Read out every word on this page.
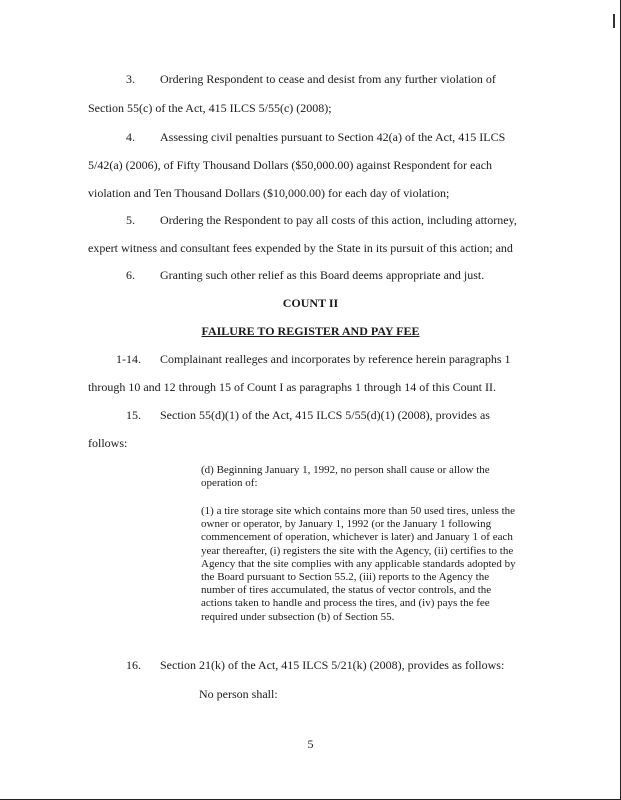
3. Ordering Respondent to cease and desist from any further violation of
Section 55(c) of the Act, 415 ILCS 5/55(c) (2008);
4. Assessing civil penalties pursuant to Section 42(a) of the Act, 415 ILCS
5/42(a) (2006), of Fifty Thousand Dollars ($50,000.00) against Respondent for each
violation and Ten Thousand Dollars ($10,000.00) for each day of violation;
5. Ordering the Respondent to pay all costs of this action, including attorney,
expert witness and consultant fees expended by the State in its pursuit of this action; and
6. Granting such other relief as this Board deems appropriate and just.
COUNT II
FAILURE TO REGISTER AND PAY FEE
1-14. Complainant realleges and incorporates by reference herein paragraphs 1
through 10 and 12 through 15 of Count I as paragraphs 1 through 14 of this Count II.
15. Section 55(d)(1) of the Act, 415 ILCS 5/55(d)(1) (2008), provides as
follows:
(d) Beginning January 1, 1992, no person shall cause or allow the operation of:
(1) a tire storage site which contains more than 50 used tires, unless the owner or operator, by January 1, 1992 (or the January 1 following commencement of operation, whichever is later) and January 1 of each year thereafter, (i) registers the site with the Agency, (ii) certifies to the Agency that the site complies with any applicable standards adopted by the Board pursuant to Section 55.2, (iii) reports to the Agency the number of tires accumulated, the status of vector controls, and the actions taken to handle and process the tires, and (iv) pays the fee required under subsection (b) of Section 55.
16. Section 21(k) of the Act, 415 ILCS 5/21(k) (2008), provides as follows:
No person shall:
5
